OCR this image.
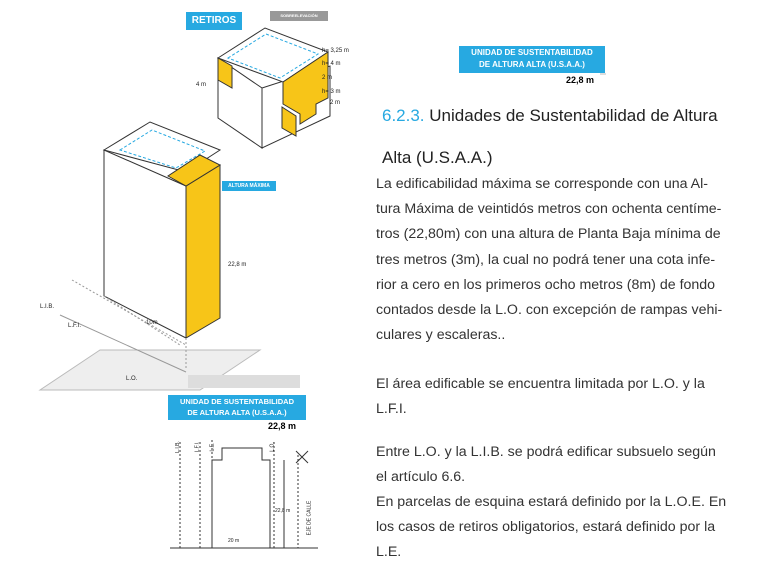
RETIROS	SOBREELEVACIÓN
h= 3,25 m
h= 4 m
2 m
h= 3 m
2 m
4 m
UNIDAD DE SUSTENTABILIDAD
DE ALTURA ALTA (U.S.A.A.)
22,8 m
ALTURA MÁXIMA
22,8 m
L.I.B.
L.F.I.
L.O.
10m
UNIDAD DE SUSTENTABILIDAD
DE ALTURA ALTA (U.S.A.A.)
22,8 m
L.I.B.	L.F.I. L.E.	L.O.
22,8 m
20 m
EJE DE CALLE
6.2.3. Unidades de Sustentabilidad de Altura
Alta (U.S.A.A.)
La edificabilidad máxima se corresponde con una Al-
tura Máxima de veintidós metros con ochenta centíme-
tros (22,80m) con una altura de Planta Baja mínima de
tres metros (3m), la cual no podrá tener una cota infe-
rior a cero en los primeros ocho metros (8m) de fondo
contados desde la L.O. con excepción de rampas vehi-
culares y escaleras..
El área edificable se encuentra limitada por L.O. y la
L.F.I.
Entre L.O. y la L.I.B. se podrá edificar subsuelo según
el artículo 6.6.
En parcelas de esquina estará definido por la L.O.E. En
los casos de retiros obligatorios, estará definido por la
L.E.
